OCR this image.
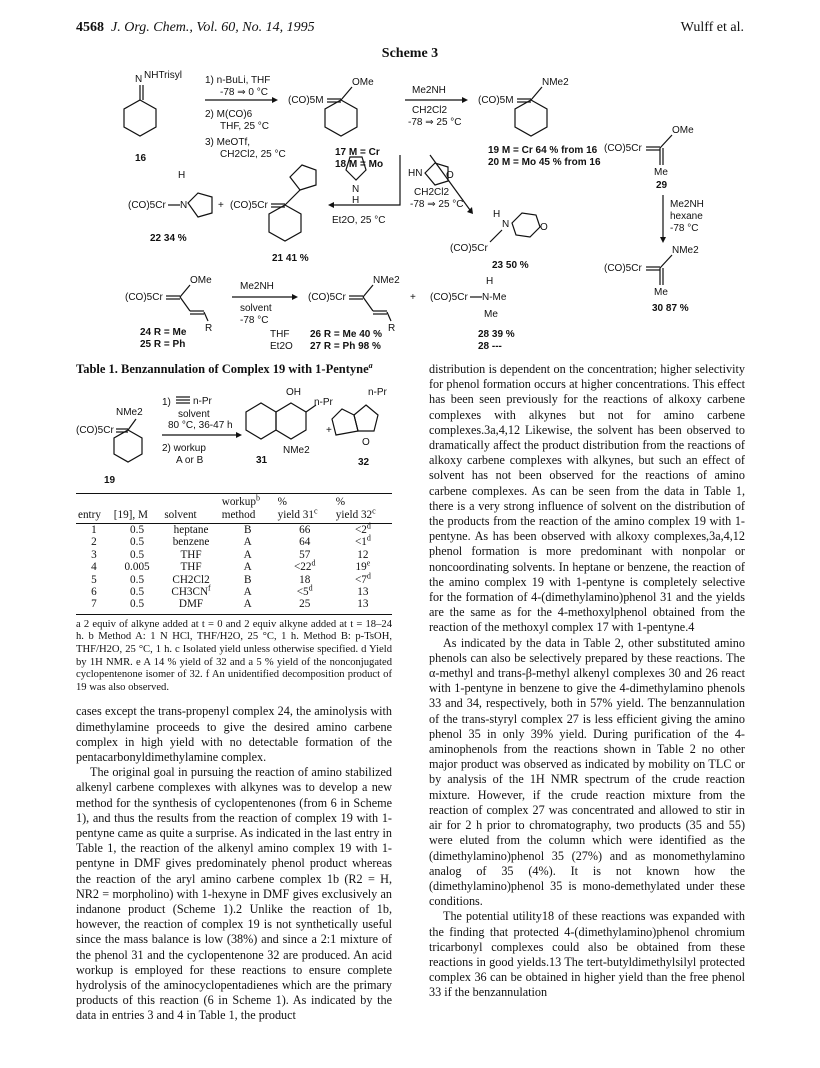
4568 J. Org. Chem., Vol. 60, No. 14, 1995	Wulff et al.
Scheme 3
N NHTrisyl
16
1) n-BuLi, THF
-78 ⇒ 0 °C
2) M(CO)6
THF, 25 °C
3) MeOTf,
CH2Cl2, 25 °C
(CO)5M
OMe
17 M = Cr
18 M = Mo
Me2NH
CH2Cl2
-78 ⇒ 25 °C
(CO)5M
NMe2
19 M = Cr 64 % from 16
20 M = Mo 45 % from 16
(CO)5Cr
OMe
Me
29
Me2NH
hexane
-78 °C
(CO)5Cr
NMe2
Me
30 87 %
H
(CO)5Cr N
22 34 %
+ (CO)5Cr
21 41 %
N
H
Et2O, 25 °C
HN O
CH2Cl2
-78 ⇒ 25 °C
H
N	O
(CO)5Cr
23 50 %
(CO)5Cr
OMe
R
24 R = Me
25 R = Ph
Me2NH
solvent
-78 °C
THF
Et2O
(CO)5Cr
NMe2
R
26 R = Me 40 %
27 R = Ph 98 %
+
H
(CO)5Cr N-Me
Me
28 39 %
28 ---
Table 1. Benzannulation of Complex 19 with 1-Pentyne$^a$
(CO)5Cr
NMe2
19
1) n-Pr
solvent
80 °C, 36-47 h
2) workup
A or B
OH
n-Pr
NMe2
31
+
n-Pr
O
32
			workup$^b$	%	%
entry	[19], M	solvent	method	yield 31$^c$	yield 32$^c$
1	0.5	heptane	B	66	$<2^d$
2	0.5	benzene	A	64	$<1^d$
3	0.5	THF	A	57	12
4	0.005	THF	A	$<22^d$	19e
5	0.5	CH2Cl2	B	18	$<7^d$
6	0.5	$CH3CN^f$	A	$<5^d$	13
7	0.5	DMF	A	25	13
a 2 equiv of alkyne added at t = 0 and 2 equiv alkyne added at t = 18–24 h. b Method A: 1 N HCl, THF/H2O, 25 °C, 1 h. Method B: p-TsOH, THF/H2O, 25 °C, 1 h. c Isolated yield unless otherwise specified. d Yield by 1H NMR. e A 14 % yield of 32 and a 5 % yield of the nonconjugated cyclopentenone isomer of 32. f An unidentified decomposition product of 19 was also observed.

cases except the trans-propenyl complex 24, the aminolysis with dimethylamine proceeds to give the desired amino carbene complex in high yield with no detectable formation of the pentacarbonyldimethylamine complex.

The original goal in pursuing the reaction of amino stabilized alkenyl carbene complexes with alkynes was to develop a new method for the synthesis of cyclopentenones (from 6 in Scheme 1), and thus the results from the reaction of complex 19 with 1-pentyne came as quite a surprise. As indicated in the last entry in Table 1, the reaction of the alkenyl amino complex 19 with 1-pentyne in DMF gives predominately phenol product whereas the reaction of the aryl amino carbene complex 1b (R2 = H, NR2 = morpholino) with 1-hexyne in DMF gives exclusively an indanone product (Scheme 1).2 Unlike the reaction of 1b, however, the reaction of complex 19 is not synthetically useful since the mass balance is low (38%) and since a 2:1 mixture of the phenol 31 and the cyclopentenone 32 are produced. An acid workup is employed for these reactions to ensure complete hydrolysis of the aminocyclopentadienes which are the primary products of this reaction (6 in Scheme 1). As indicated by the data in entries 3 and 4 in Table 1, the product

distribution is dependent on the concentration; higher selectivity for phenol formation occurs at higher concentrations. This effect has been seen previously for the reactions of alkoxy carbene complexes with alkynes but not for amino carbene complexes.3a,4,12 Likewise, the solvent has been observed to dramatically affect the product distribution from the reactions of alkoxy carbene complexes with alkynes, but such an effect of solvent has not been observed for the reactions of amino carbene complexes. As can be seen from the data in Table 1, there is a very strong influence of solvent on the distribution of the products from the reaction of the amino complex 19 with 1-pentyne. As has been observed with alkoxy complexes,3a,4,12 phenol formation is more predominant with nonpolar or noncoordinating solvents. In heptane or benzene, the reaction of the amino complex 19 with 1-pentyne is completely selective for the formation of 4-(dimethylamino)phenol 31 and the yields are the same as for the 4-methoxylphenol obtained from the reaction of the methoxyl complex 17 with 1-pentyne.4

As indicated by the data in Table 2, other substituted amino phenols can also be selectively prepared by these reactions. The α-methyl and trans-β-methyl alkenyl complexes 30 and 26 react with 1-pentyne in benzene to give the 4-dimethylamino phenols 33 and 34, respectively, both in 57% yield. The benzannulation of the trans-styryl complex 27 is less efficient giving the amino phenol 35 in only 39% yield. During purification of the 4-aminophenols from the reactions shown in Table 2 no other major product was observed as indicated by mobility on TLC or by analysis of the 1H NMR spectrum of the crude reaction mixture. However, if the crude reaction mixture from the reaction of complex 27 was concentrated and allowed to stir in air for 2 h prior to chromatography, two products (35 and 55) were eluted from the column which were identified as the (dimethylamino)phenol 35 (27%) and as monomethylamino analog of 35 (4%). It is not known how the (dimethylamino)phenol 35 is mono-demethylated under these conditions.

The potential utility18 of these reactions was expanded with the finding that protected 4-(dimethylamino)phenol chromium tricarbonyl complexes could also be obtained from these reactions in good yields.13 The tert-butyldimethylsilyl protected complex 36 can be obtained in higher yield than the free phenol 33 if the benzannulation
